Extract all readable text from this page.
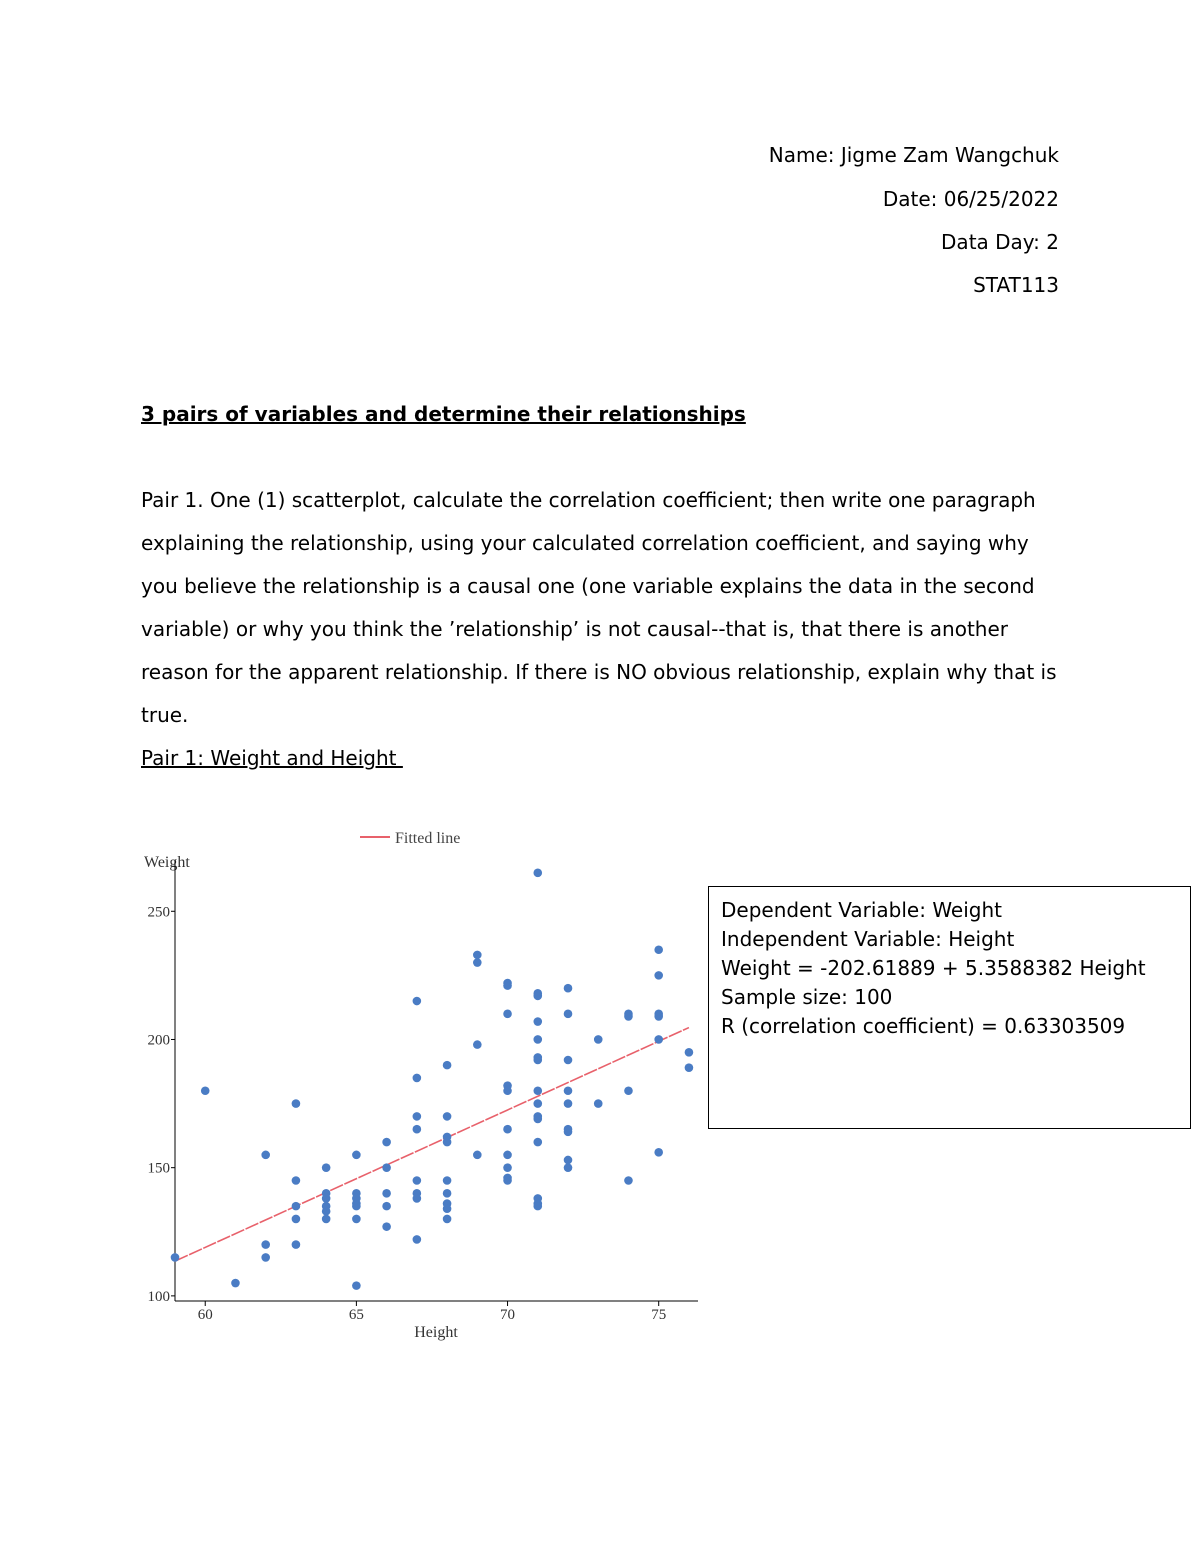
Name: Jigme Zam Wangchuk
Date: 06/25/2022
Data Day: 2
STAT113
3 pairs of variables and determine their relationships
Pair 1. One (1) scatterplot, calculate the correlation coefficient; then write one paragraph explaining the relationship, using your calculated correlation coefficient, and saying why you believe the relationship is a causal one (one variable explains the data in the second variable) or why you think the ’relationship’ is not causal--that is, that there is another reason for the apparent relationship. If there is NO obvious relationship, explain why that is true.
Pair 1: Weight and Height
Fitted line
Weight
Height
60	65	70	75
100
150
200
250	Dependent Variable: Weight
Independent Variable: Height
Weight = -202.61889 + 5.3588382 Height
Sample size: 100
R (correlation coefficient) = 0.63303509
